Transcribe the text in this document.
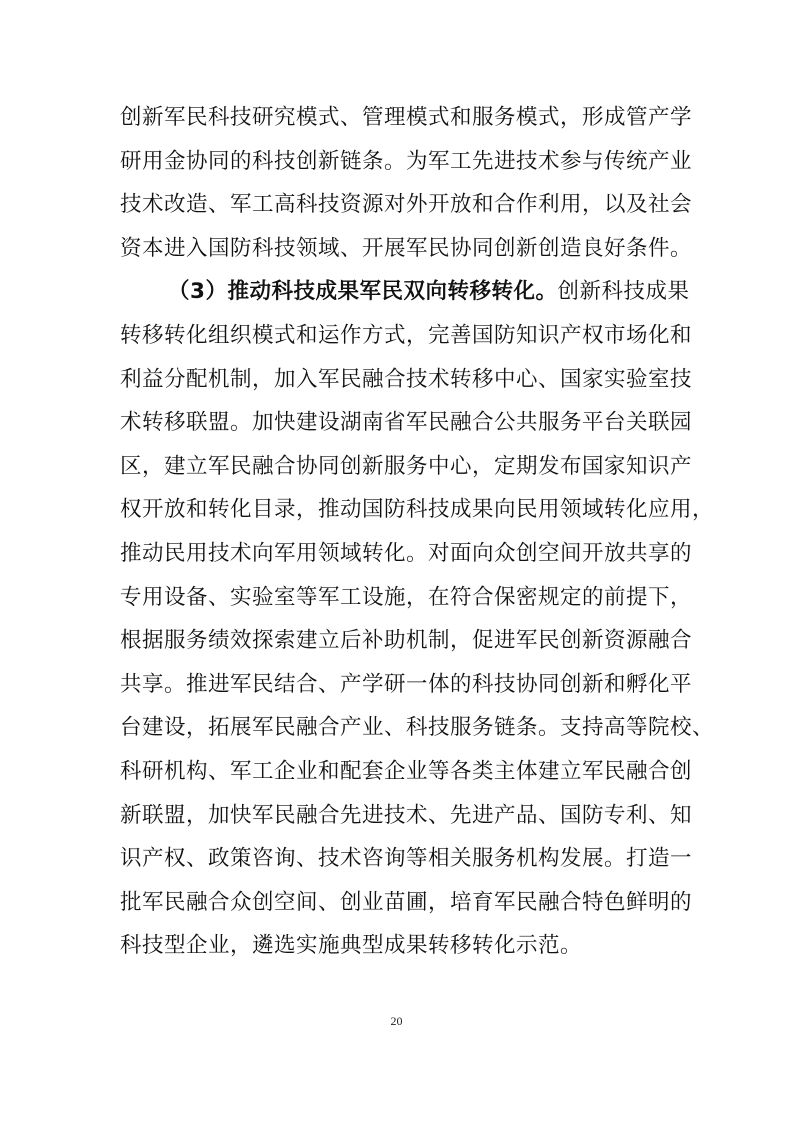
创新军民科技研究模式、管理模式和服务模式，形成管产学
研用金协同的科技创新链条。为军工先进技术参与传统产业
技术改造、军工高科技资源对外开放和合作利用，以及社会
资本进入国防科技领域、开展军民协同创新创造良好条件。
（3）推动科技成果军民双向转移转化。创新科技成果
转移转化组织模式和运作方式，完善国防知识产权市场化和
利益分配机制，加入军民融合技术转移中心、国家实验室技
术转移联盟。加快建设湖南省军民融合公共服务平台关联园
区，建立军民融合协同创新服务中心，定期发布国家知识产
权开放和转化目录，推动国防科技成果向民用领域转化应用，
推动民用技术向军用领域转化。对面向众创空间开放共享的
专用设备、实验室等军工设施，在符合保密规定的前提下，
根据服务绩效探索建立后补助机制，促进军民创新资源融合
共享。推进军民结合、产学研一体的科技协同创新和孵化平
台建设，拓展军民融合产业、科技服务链条。支持高等院校、
科研机构、军工企业和配套企业等各类主体建立军民融合创
新联盟，加快军民融合先进技术、先进产品、国防专利、知
识产权、政策咨询、技术咨询等相关服务机构发展。打造一
批军民融合众创空间、创业苗圃，培育军民融合特色鲜明的
科技型企业，遴选实施典型成果转移转化示范。
20
